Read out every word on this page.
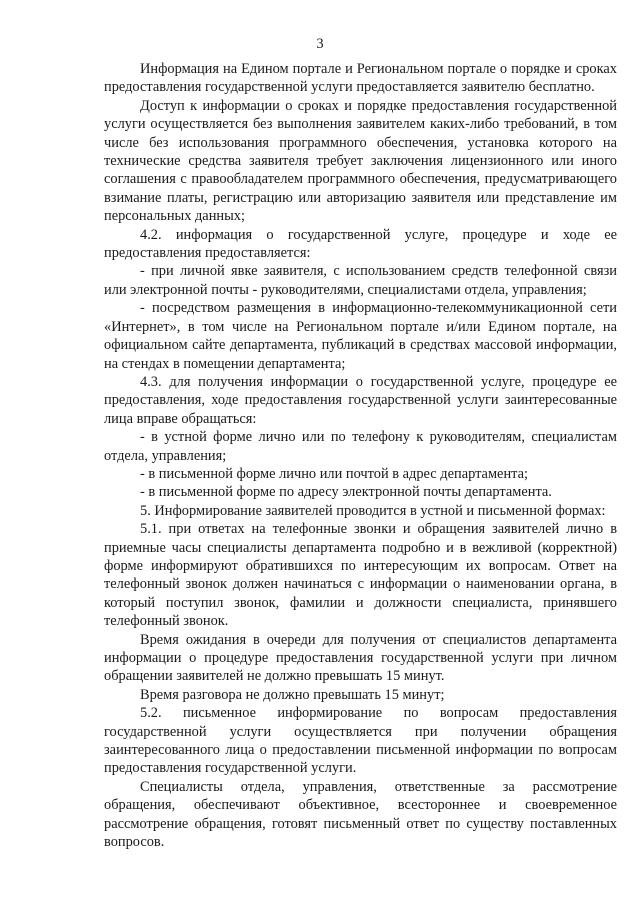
3

Информация на Едином портале и Региональном портале о порядке и сроках предоставления государственной услуги предоставляется заявителю бесплатно.

Доступ к информации о сроках и порядке предоставления государственной услуги осуществляется без выполнения заявителем каких-либо требований, в том числе без использования программного обеспечения, установка которого на технические средства заявителя требует заключения лицензионного или иного соглашения с правообладателем программного обеспечения, предусматривающего взимание платы, регистрацию или авторизацию заявителя или представление им персональных данных;

4.2. информация о государственной услуге, процедуре и ходе ее предоставления предоставляется:

- при личной явке заявителя, с использованием средств телефонной связи или электронной почты - руководителями, специалистами отдела, управления;

- посредством размещения в информационно-телекоммуникационной сети «Интернет», в том числе на Региональном портале и/или Едином портале, на официальном сайте департамента, публикаций в средствах массовой информации, на стендах в помещении департамента;

4.3. для получения информации о государственной услуге, процедуре ее предоставления, ходе предоставления государственной услуги заинтересованные лица вправе обращаться:

- в устной форме лично или по телефону к руководителям, специалистам отдела, управления;

- в письменной форме лично или почтой в адрес департамента;

- в письменной форме по адресу электронной почты департамента.

5. Информирование заявителей проводится в устной и письменной формах:

5.1. при ответах на телефонные звонки и обращения заявителей лично в приемные часы специалисты департамента подробно и в вежливой (корректной) форме информируют обратившихся по интересующим их вопросам. Ответ на телефонный звонок должен начинаться с информации о наименовании органа, в который поступил звонок, фамилии и должности специалиста, принявшего телефонный звонок.

Время ожидания в очереди для получения от специалистов департамента информации о процедуре предоставления государственной услуги при личном обращении заявителей не должно превышать 15 минут.

Время разговора не должно превышать 15 минут;

5.2. письменное информирование по вопросам предоставления государственной услуги осуществляется при получении обращения заинтересованного лица о предоставлении письменной информации по вопросам предоставления государственной услуги.

Специалисты отдела, управления, ответственные за рассмотрение обращения, обеспечивают объективное, всестороннее и своевременное рассмотрение обращения, готовят письменный ответ по существу поставленных вопросов.
